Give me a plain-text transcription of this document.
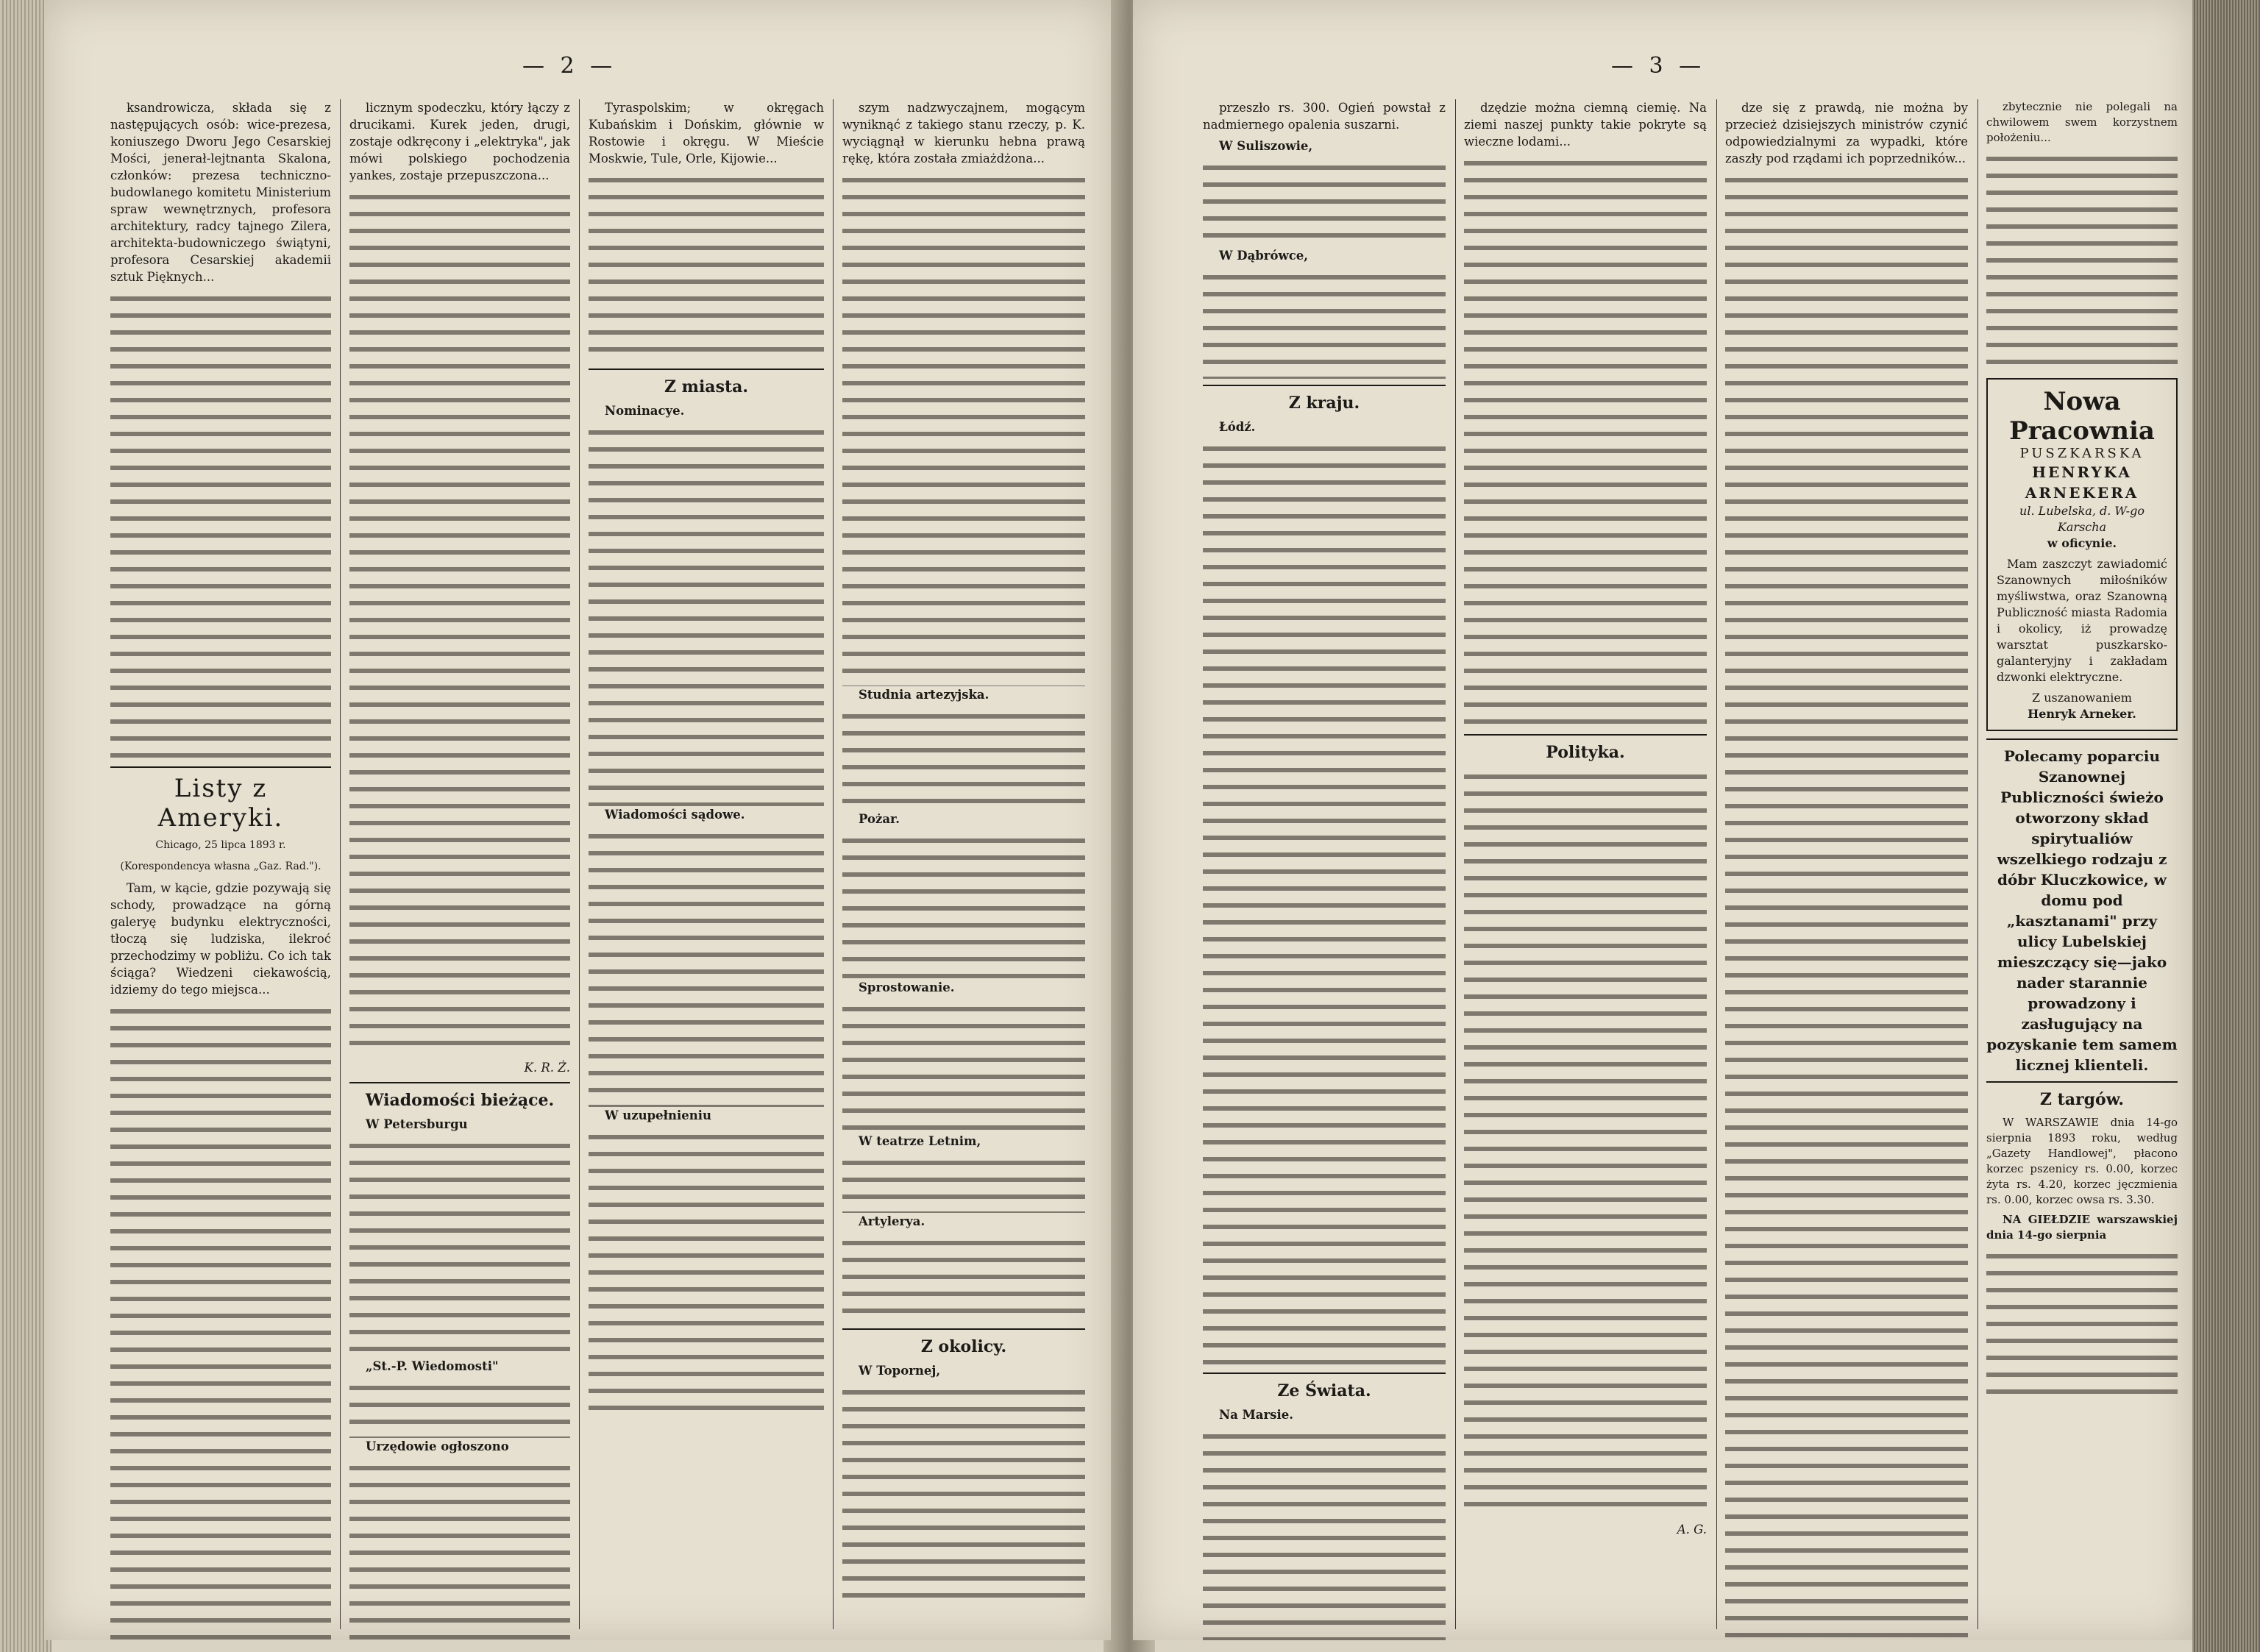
— 2 —

ksandrowicza, składa się z następujących osób: wice-prezesa, koniuszego Dworu Jego Cesarskiej Mości, jenerał-lejtnanta Skalona, członków: prezesa techniczno-budowlanego komitetu Ministerium spraw wewnętrznych, profesora architektury, radcy tajnego Zilera, architekta-budowniczego świątyni, profesora Cesarskiej akademii sztuk Pięknych...

Listy z Ameryki.
Chicago, 25 lipca 1893 r.
(Korespondencya własna „Gaz. Rad.").

Tam, w kącie, gdzie pozywają się schody, prowadzące na górną galeryę budynku elektryczności, tłoczą się ludziska, ilekroć przechodzimy w pobliżu. Co ich tak ściąga? Wiedzeni ciekawością, idziemy do tego miejsca...

licznym spodeczku, który łączy z drucikami. Kurek jeden, drugi, zostaje odkręcony i „elektryka", jak mówi polskiego pochodzenia yankes, zostaje przepuszczona...

K. R. Ż.
Wiadomości bieżące.

W Petersburgu

„St.-P. Wiedomosti"

Urzędowie ogłoszono

Tyraspolskim; w okręgach Kubańskim i Dońskim, głównie w Rostowie i okręgu. W Mieście Moskwie, Tule, Orle, Kijowie...

Z miasta.

Nominacye.

Wiadomości sądowe.

W uzupełnieniu

szym nadzwyczajnem, mogącym wyniknąć z takiego stanu rzeczy, p. K. wyciągnął w kierunku hebna prawą rękę, która została zmiażdżona...

Studnia artezyjska.

Pożar.

Sprostowanie.

W teatrze Letnim,

Artylerya.

Z okolicy.

W Topornej,

— 3 —

przeszło rs. 300. Ogień powstał z nadmiernego opalenia suszarni.

W Suliszowie,

W Dąbrówce,

Z kraju.

Łódź.

Ze Świata.

Na Marsie.

dzędzie można ciemną ciemię. Na ziemi naszej punkty takie pokryte są wieczne lodami...

Polityka.
A. G.

dze się z prawdą, nie można by przecież dzisiejszych ministrów czynić odpowiedzialnymi za wypadki, które zaszły pod rządami ich poprzedników...

zbytecznie nie polegali na chwilowem swem korzystnem położeniu...

Nowa Pracownia
PUSZKARSKA
HENRYKA ARNEKERA
ul. Lubelska, d. W-go Karscha
w oficynie.

Mam zaszczyt zawiadomić Szanownych miłośników myśliwstwa, oraz Szanowną Publiczność miasta Radomia i okolicy, iż prowadzę warsztat puszkarsko-galanteryjny i zakładam dzwonki elektryczne.

Z uszanowaniem
Henryk Arneker.
Polecamy poparciu Szanownej Publiczności świeżo otworzony skład spirytualiów wszelkiego rodzaju z dóbr Kluczkowice, w domu pod „kasztanami" przy ulicy Lubelskiej mieszczący się—jako nader starannie prowadzony i zasługujący na pozyskanie tem samem licznej klienteli.
Z targów.

W WARSZAWIE dnia 14-go sierpnia 1893 roku, według „Gazety Handlowej", płacono korzec pszenicy rs. 0.00, korzec żyta rs. 4.20, korzec jęczmienia rs. 0.00, korzec owsa rs. 3.30.

NA GIEŁDZIE warszawskiej dnia 14-go sierpnia
